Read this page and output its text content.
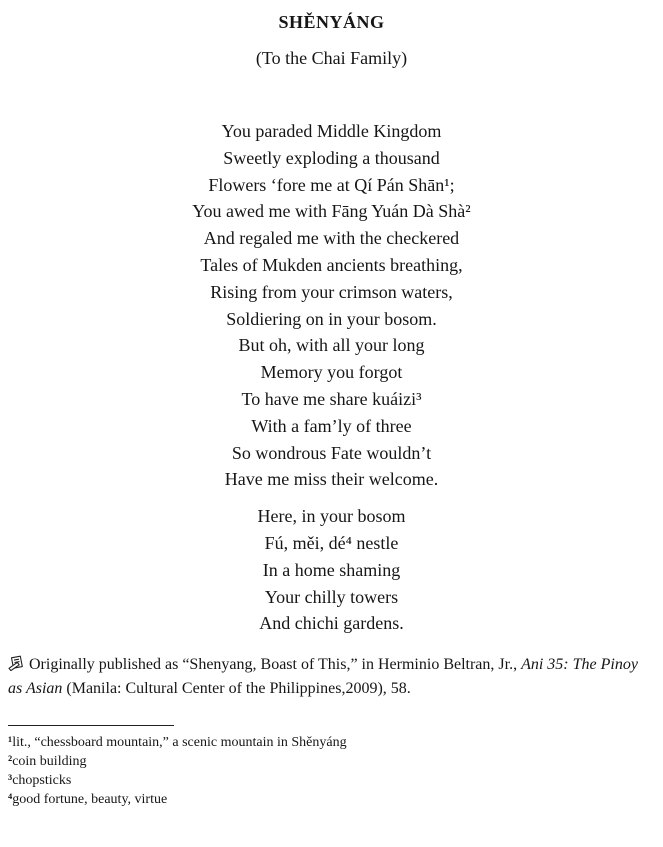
SHĚNYÁNG
(To the Chai Family)
You paraded Middle Kingdom
Sweetly exploding a thousand
Flowers ‘fore me at Qí Pán Shān¹;
You awed me with Fāng Yuán Dà Shà²
And regaled me with the checkered
Tales of Mukden ancients breathing,
Rising from your crimson waters,
Soldiering on in your bosom.
But oh, with all your long
Memory you forgot
To have me share kuáizi³
With a fam’ly of three
So wondrous Fate wouldn’t
Have me miss their welcome.
Here, in your bosom
Fú, měi, dé⁴ nestle
In a home shaming
Your chilly towers
And chichi gardens.
Originally published as “Shenyang, Boast of This,” in Herminio Beltran, Jr., Ani 35: The Pinoy as Asian (Manila: Cultural Center of the Philippines,2009), 58.
¹lit., “chessboard mountain,” a scenic mountain in Shěnyáng
²coin building
³chopsticks
⁴good fortune, beauty, virtue
